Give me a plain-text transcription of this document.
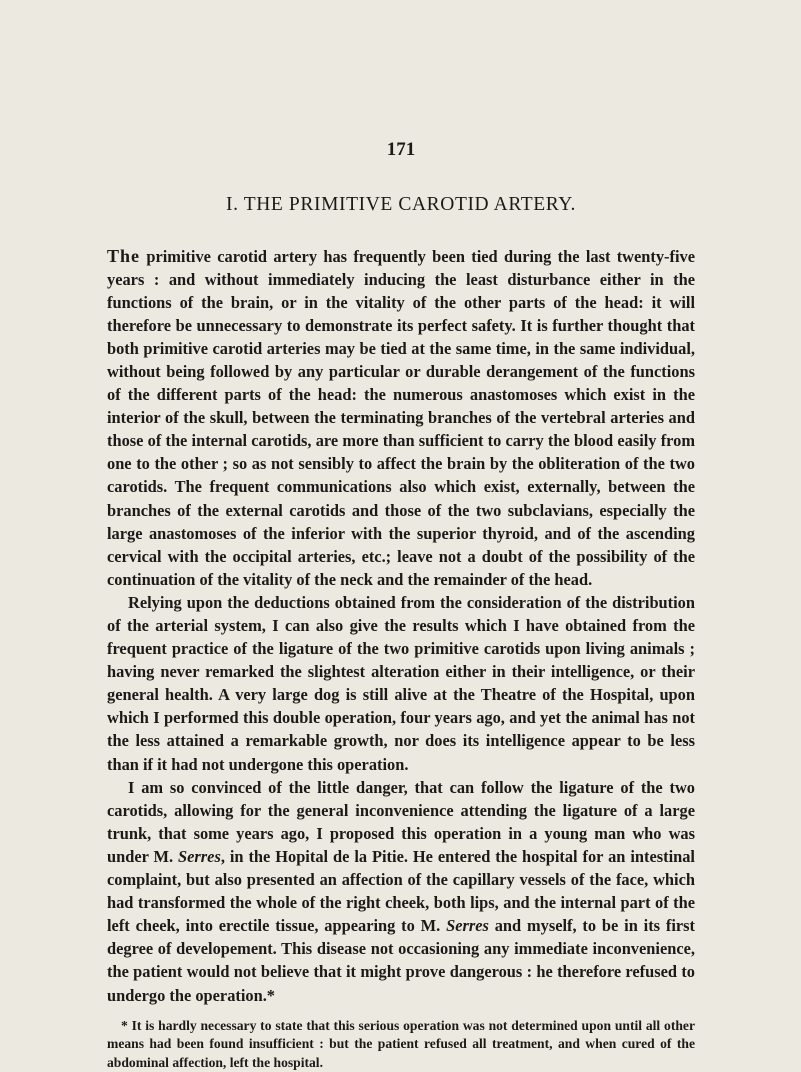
171
I. THE PRIMITIVE CAROTID ARTERY.

The primitive carotid artery has frequently been tied during the last twenty-five years : and without immediately inducing the least disturbance either in the functions of the brain, or in the vitality of the other parts of the head: it will therefore be unnecessary to demonstrate its perfect safety. It is further thought that both primitive carotid arteries may be tied at the same time, in the same individual, without being followed by any particular or durable derangement of the functions of the different parts of the head: the numerous anastomoses which exist in the interior of the skull, between the terminating branches of the vertebral arteries and those of the internal carotids, are more than sufficient to carry the blood easily from one to the other ; so as not sensibly to affect the brain by the obliteration of the two carotids. The frequent communications also which exist, externally, between the branches of the external carotids and those of the two subclavians, especially the large anastomoses of the inferior with the superior thyroid, and of the ascending cervical with the occipital arteries, etc.; leave not a doubt of the possibility of the continuation of the vitality of the neck and the remainder of the head.

Relying upon the deductions obtained from the consideration of the distribution of the arterial system, I can also give the results which I have obtained from the frequent practice of the ligature of the two primitive carotids upon living animals ; having never remarked the slightest alteration either in their intelligence, or their general health. A very large dog is still alive at the Theatre of the Hospital, upon which I performed this double operation, four years ago, and yet the animal has not the less attained a remarkable growth, nor does its intelligence appear to be less than if it had not undergone this operation.

I am so convinced of the little danger, that can follow the ligature of the two carotids, allowing for the general inconvenience attending the ligature of a large trunk, that some years ago, I proposed this operation in a young man who was under M. Serres, in the Hopital de la Pitie. He entered the hospital for an intestinal complaint, but also presented an affection of the capillary vessels of the face, which had transformed the whole of the right cheek, both lips, and the internal part of the left cheek, into erectile tissue, appearing to M. Serres and myself, to be in its first degree of developement. This disease not occasioning any immediate inconvenience, the patient would not believe that it might prove dangerous : he therefore refused to undergo the operation.*

* It is hardly necessary to state that this serious operation was not determined upon until all other means had been found insufficient : but the patient refused all treatment, and when cured of the abdominal affection, left the hospital.
